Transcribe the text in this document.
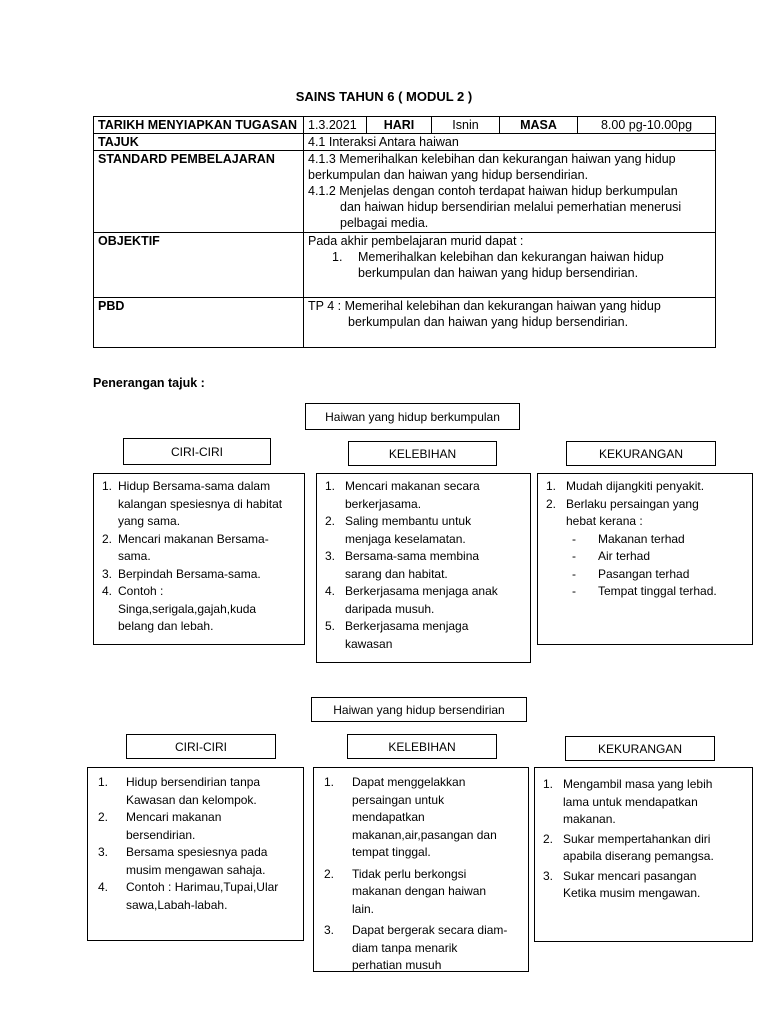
SAINS TAHUN 6 ( MODUL 2 )
TARIKH MENYIAPKAN TUGASAN	1.3.2021	HARI	Isnin	MASA	8.00 pg-10.00pg
TAJUK	4.1 Interaksi Antara haiwan				
STANDARD PEMBELAJARAN	4.1.3 Memerihalkan kelebihan dan kekurangan haiwan yang hidup
berkumpulan dan haiwan yang hidup bersendirian.
4.1.2 Menjelas dengan contoh terdapat haiwan hidup berkumpulan
dan haiwan hidup bersendirian melalui pemerhatian menerusi
pelbagai media.				

OBJEKTIF	Pada akhir pembelajaran murid dapat :
1. Memerihalkan kelebihan dan kekurangan haiwan hidup
berkumpulan dan haiwan yang hidup bersendirian.				

PBD	TP 4 : Memerihal kelebihan dan kekurangan haiwan yang hidup
berkumpulan dan haiwan yang hidup bersendirian.				
Penerangan tajuk :
Haiwan yang hidup berkumpulan
CIRI-CIRI	KELEBIHAN	KEKURANGAN
1. Hidup Bersama-sama dalam
kalangan spesiesnya di habitat
yang sama.
2. Mencari makanan Bersama-
sama.
3. Berpindah Bersama-sama.
4. Contoh :
Singa,serigala,gajah,kuda
belang dan lebah.
1. Mencari makanan secara
berkerjasama.
2. Saling membantu untuk
menjaga keselamatan.
3. Bersama-sama membina
sarang dan habitat.
4. Berkerjasama menjaga anak
daripada musuh.
5. Berkerjasama menjaga
kawasan
1. Mudah dijangkiti penyakit.
2. Berlaku persaingan yang
hebat kerana :
- Makanan terhad
- Air terhad
- Pasangan terhad
- Tempat tinggal terhad.
Haiwan yang hidup bersendirian
CIRI-CIRI	KELEBIHAN	KEKURANGAN
1. Hidup bersendirian tanpa
Kawasan dan kelompok.
2. Mencari makanan
bersendirian.
3. Bersama spesiesnya pada
musim mengawan sahaja.
4. Contoh : Harimau,Tupai,Ular
sawa,Labah-labah.
1. Dapat menggelakkan
persaingan untuk
mendapatkan
makanan,air,pasangan dan
tempat tinggal.
2. Tidak perlu berkongsi
makanan dengan haiwan
lain.
3. Dapat bergerak secara diam-
diam tanpa menarik
perhatian musuh
1. Mengambil masa yang lebih
lama untuk mendapatkan
makanan.
2. Sukar mempertahankan diri
apabila diserang pemangsa.
3. Sukar mencari pasangan
Ketika musim mengawan.
